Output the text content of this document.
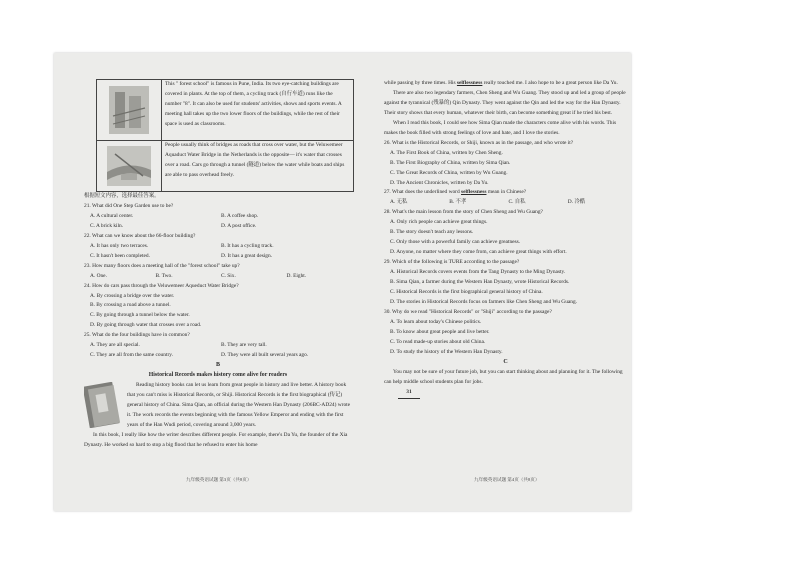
This " forest school" is famous in Pune, India. Its two eye-catching buildings are covered in plants. At the top of them, a cycling track (自行车道) runs like the number "8". It can also be used for students' activities, shows and sports events. A meeting hall takes up the two lower floors of the buildings, while the rest of their space is used as classrooms.
People usually think of bridges as roads that cross over water, but the Veluwemeer Aquaduct Water Bridge in the Netherlands is the opposite— it's water that crosses over a road. Cars go through a tunnel (隧道) below the water while boats and ships are able to pass overhead freely.

根据短文内容，选择最佳答案。

21. What did One Step Garden use to be?

A. A cultural center.	B. A coffee shop.
C. A brick kiln.	D. A post office.

22. What can we know about the 66-floor building?

A. It has only two terraces.	B. It has a cycling track.
C. It hasn't been completed.	D. It has a great design.

23. How many floors does a meeting hall of the "forest school" take up?

A. One.	B. Two.	C. Six.	D. Eight.

24. How do cars pass through the Veluwemeer Aqueduct Water Bridge?

A. By crossing a bridge over the water.

B. By crossing a road above a tunnel.

C. By going through a tunnel below the water.

D. By going through water that crosses over a road.

25. What do the four buildings have in common?

A. They are all special.	B. They are very tall.
C. They are all from the same country.	D. They were all built several years ago.

B

Historical Records makes history come alive for readers

Reading history books can let us learn from great people in history and live better. A history book that you can't miss is Historical Records, or Shiji. Historical Records is the first biographical (传记) general history of China. Sima Qian, an official during the Western Han Dynasty (206BC-AD24) wrote it. The work records the events beginning with the famous Yellow Emperor and ending with the first years of the Han Wudi period, covering around 3,000 years.

In this book, I really like how the writer describes different people. For example, there's Da Yu, the founder of the Xia Dynasty. He worked so hard to stop a big flood that he refused to enter his home

while passing by three times. His selflessness really touched me. I also hope to be a great person like Da Yu.

There are also two legendary farmers, Chen Sheng and Wu Guang. They stood up and led a group of people against the tyrannical (残暴的) Qin Dynasty. They went against the Qin and led the way for the Han Dynasty. Their story shows that every human, whatever their birth, can become something great if he tried his best.

When I read this book, I could see how Sima Qian made the characters come alive with his words. This makes the book filled with strong feelings of love and hate, and I love the stories.

26. What is the Historical Records, or Shiji, known as in the passage, and who wrote it?

A. The First Book of China, written by Chen Sheng.

B. The First Biography of China, written by Sima Qian.

C. The Great Records of China, written by Wu Guang.

D. The Ancient Chronicles, written by Da Yu.

27. What does the underlined word selflessness mean in Chinese?

A. 无私	B. 不孝	C. 自私	D. 冷酷

28. What's the main lesson from the story of Chen Sheng and Wu Guang?

A. Only rich people can achieve great things.

B. The story doesn't teach any lessons.

C. Only those with a powerful family can achieve greatness.

D. Anyone, no matter where they come from, can achieve great things with effort.

29. Which of the following is TURE according to the passage?

A. Historical Records covers events from the Tang Dynasty to the Ming Dynasty.

B. Sima Qian, a farmer during the Western Han Dynasty, wrote Historical Records.

C. Historical Records is the first biographical general history of China.

D. The stories in Historical Records focus on farmers like Chen Sheng and Wu Guang.

30. Why do we read "Historical Records" or "Shiji" according to the passage?

A. To learn about today's Chinese politics.

B. To know about great people and live better.

C. To read made-up stories about old China.

D. To study the history of the Western Han Dynasty.

C

You may not be sure of your future job, but you can start thinking about and planning for it. The following can help middle school students plan for jobs.

31

九年级英语试题 第3页（共8页）	九年级英语试题 第4页（共8页）
